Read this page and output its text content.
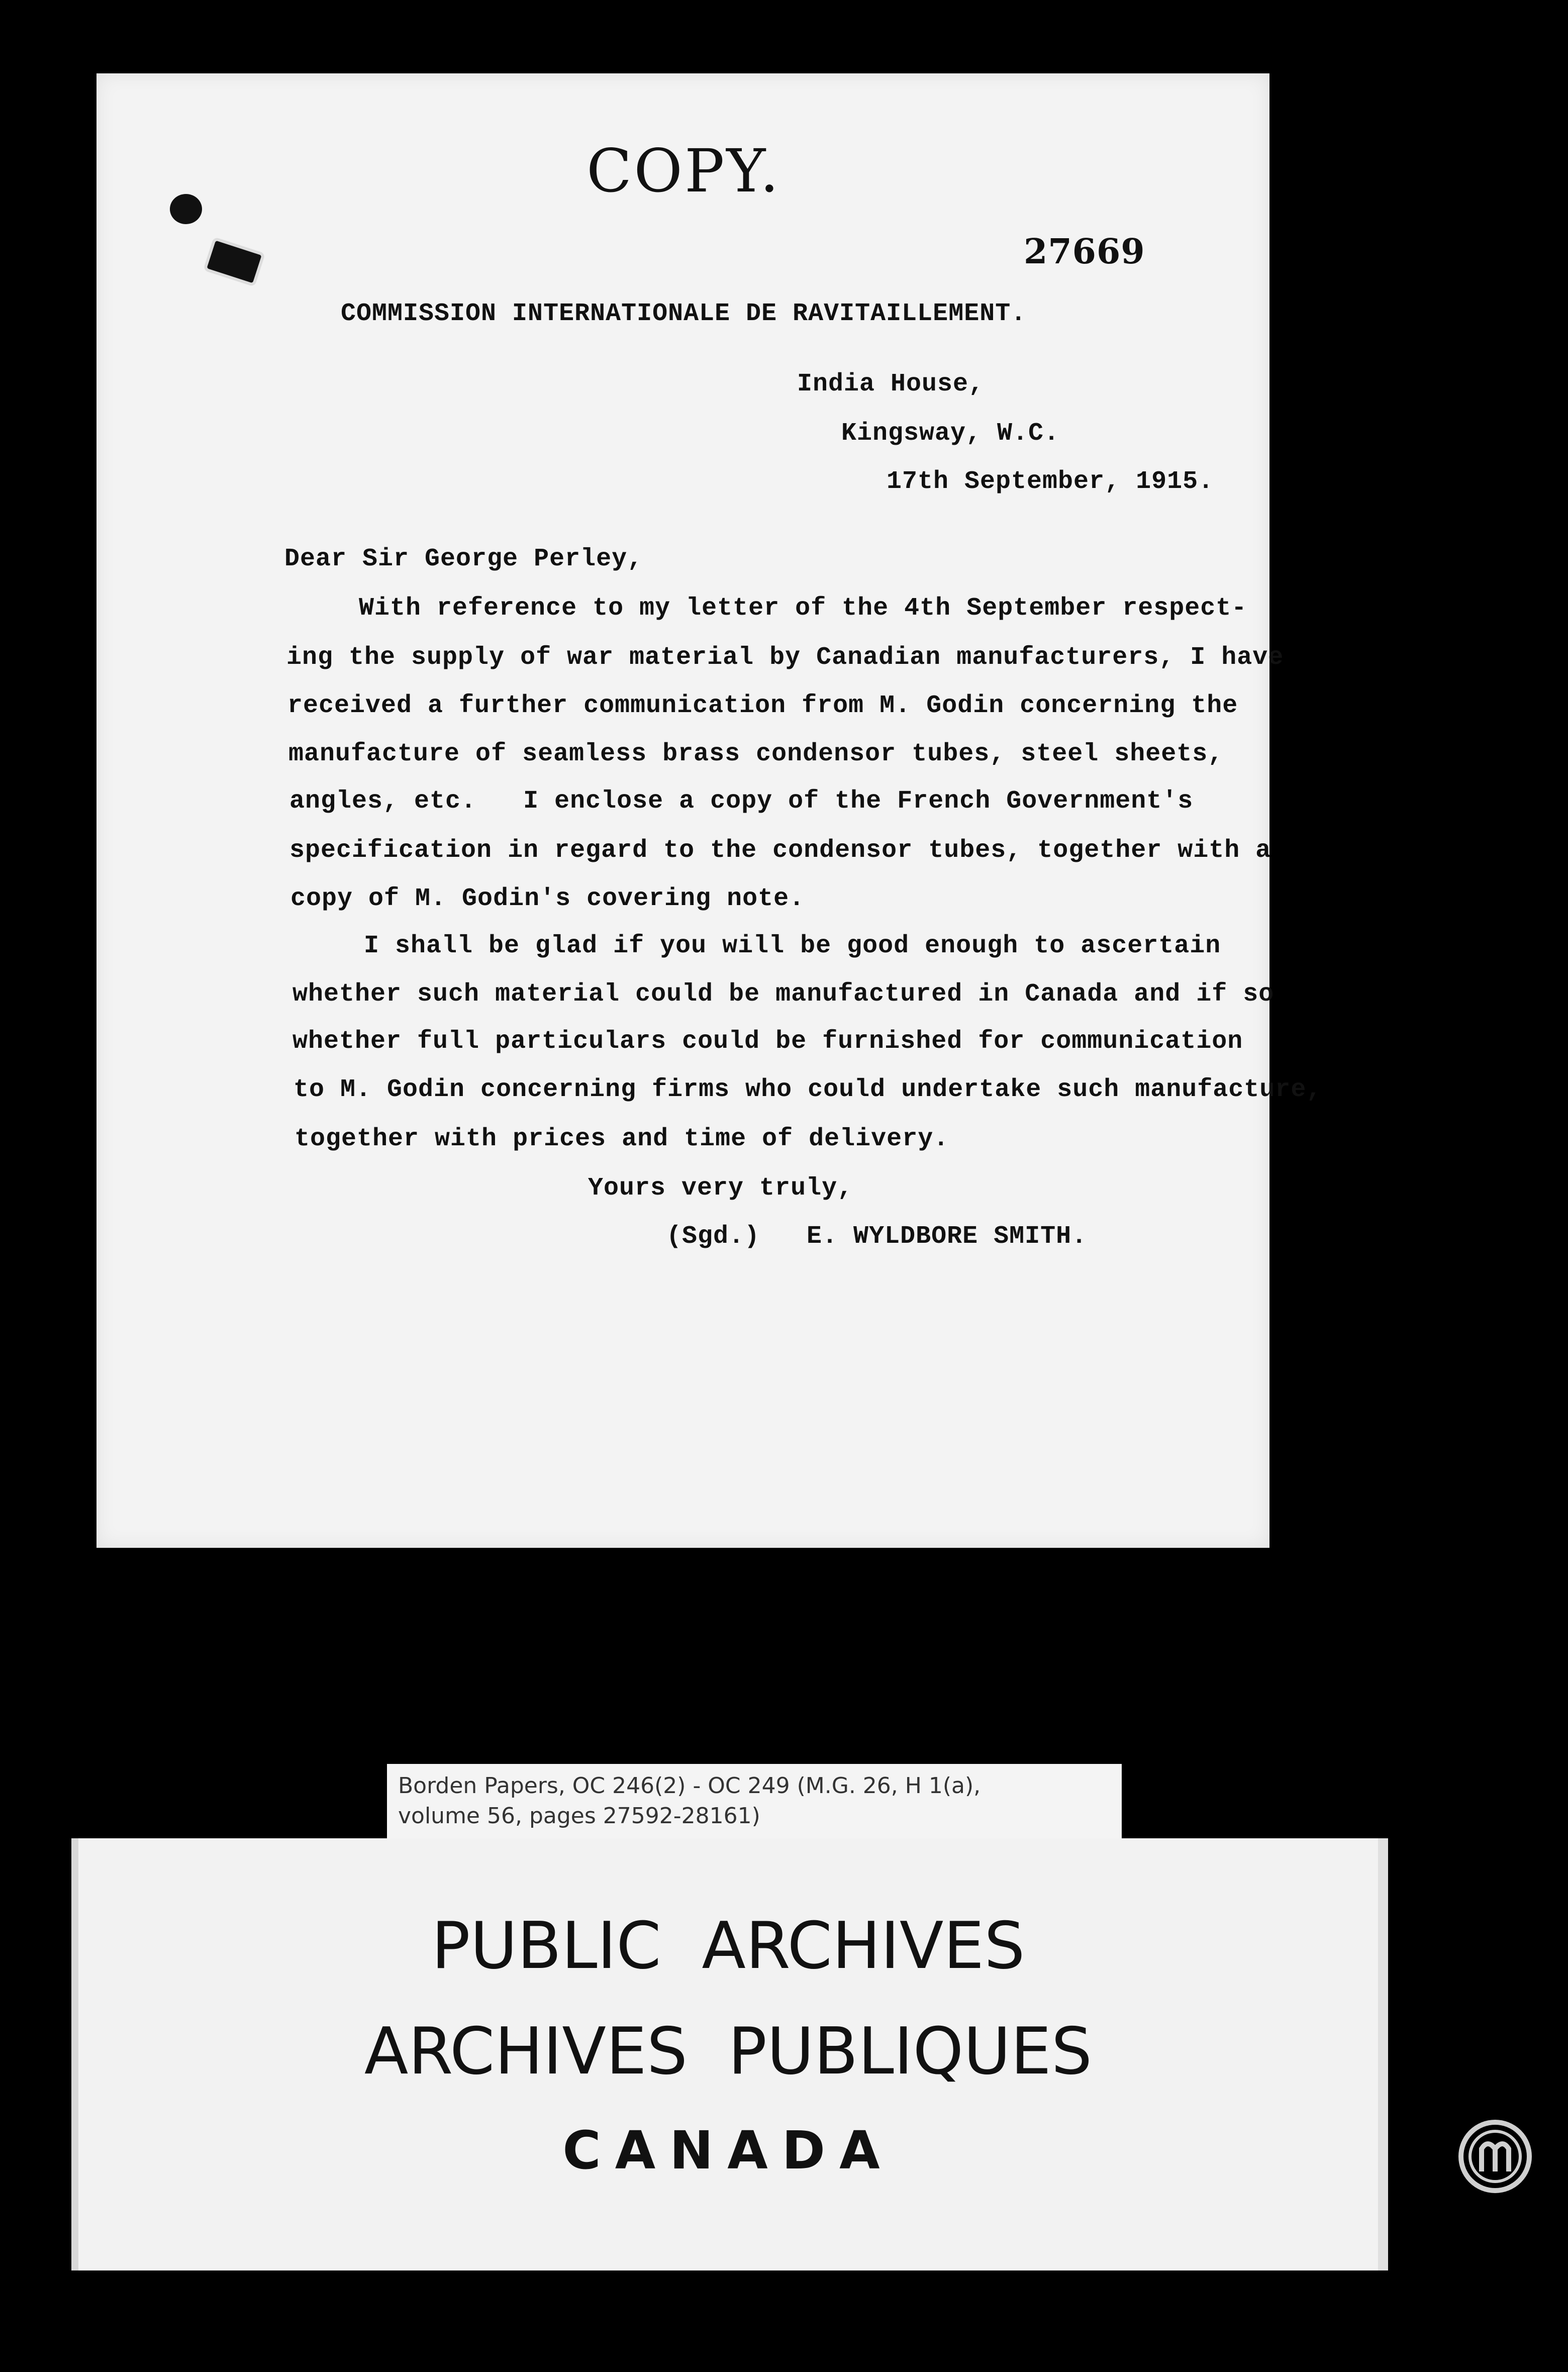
COPY.
27669
COMMISSION INTERNATIONALE DE RAVITAILLEMENT.
India House,
Kingsway, W.C.
17th September, 1915.
Dear Sir George Perley,
With reference to my letter of the 4th September respect-
ing the supply of war material by Canadian manufacturers, I have
received a further communication from M. Godin concerning the
manufacture of seamless brass condensor tubes, steel sheets,
angles, etc.   I enclose a copy of the French Government's
specification in regard to the condensor tubes, together with a
copy of M. Godin's covering note.
I shall be glad if you will be good enough to ascertain
whether such material could be manufactured in Canada and if so
whether full particulars could be furnished for communication
to M. Godin concerning firms who could undertake such manufacture,
together with prices and time of delivery.
Yours very truly,
(Sgd.)   E. WYLDBORE SMITH.
Borden Papers, OC 246(2) - OC 249 (M.G. 26, H 1(a),
volume 56, pages 27592-28161)
PUBLIC ARCHIVES
ARCHIVES PUBLIQUES
CANADA
